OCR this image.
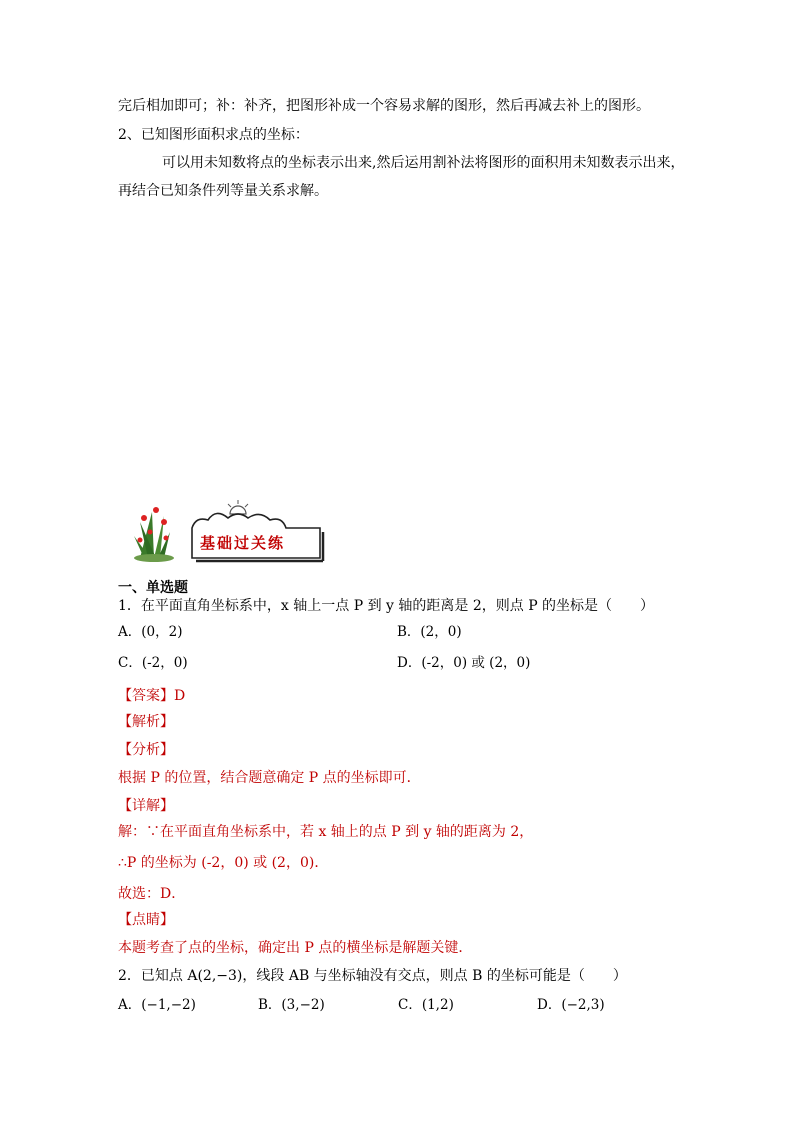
完后相加即可；补：补齐，把图形补成一个容易求解的图形，然后再减去补上的图形。
2、已知图形面积求点的坐标：
可以用未知数将点的坐标表示出来,然后运用割补法将图形的面积用未知数表示出来，
再结合已知条件列等量关系求解。
基础过关练
一、单选题
1．在平面直角坐标系中，x 轴上一点 P 到 y 轴的距离是 2，则点 P 的坐标是（　　）
A．(0，2)	B．(2，0)
C．(-2，0)	D．(-2，0) 或 (2，0)
【答案】D
【解析】
【分析】
根据 P 的位置，结合题意确定 P 点的坐标即可．
【详解】
解：∵在平面直角坐标系中，若 x 轴上的点 P 到 y 轴的距离为 2，
∴P 的坐标为 (-2，0) 或 (2，0)．
故选：D．
【点睛】
本题考查了点的坐标，确定出 P 点的横坐标是解题关键．
2．已知点 A(2,−3)，线段 AB 与坐标轴没有交点，则点 B 的坐标可能是（　　）
A．(−1,−2)	B．(3,−2)	C．(1,2)	D．(−2,3)
